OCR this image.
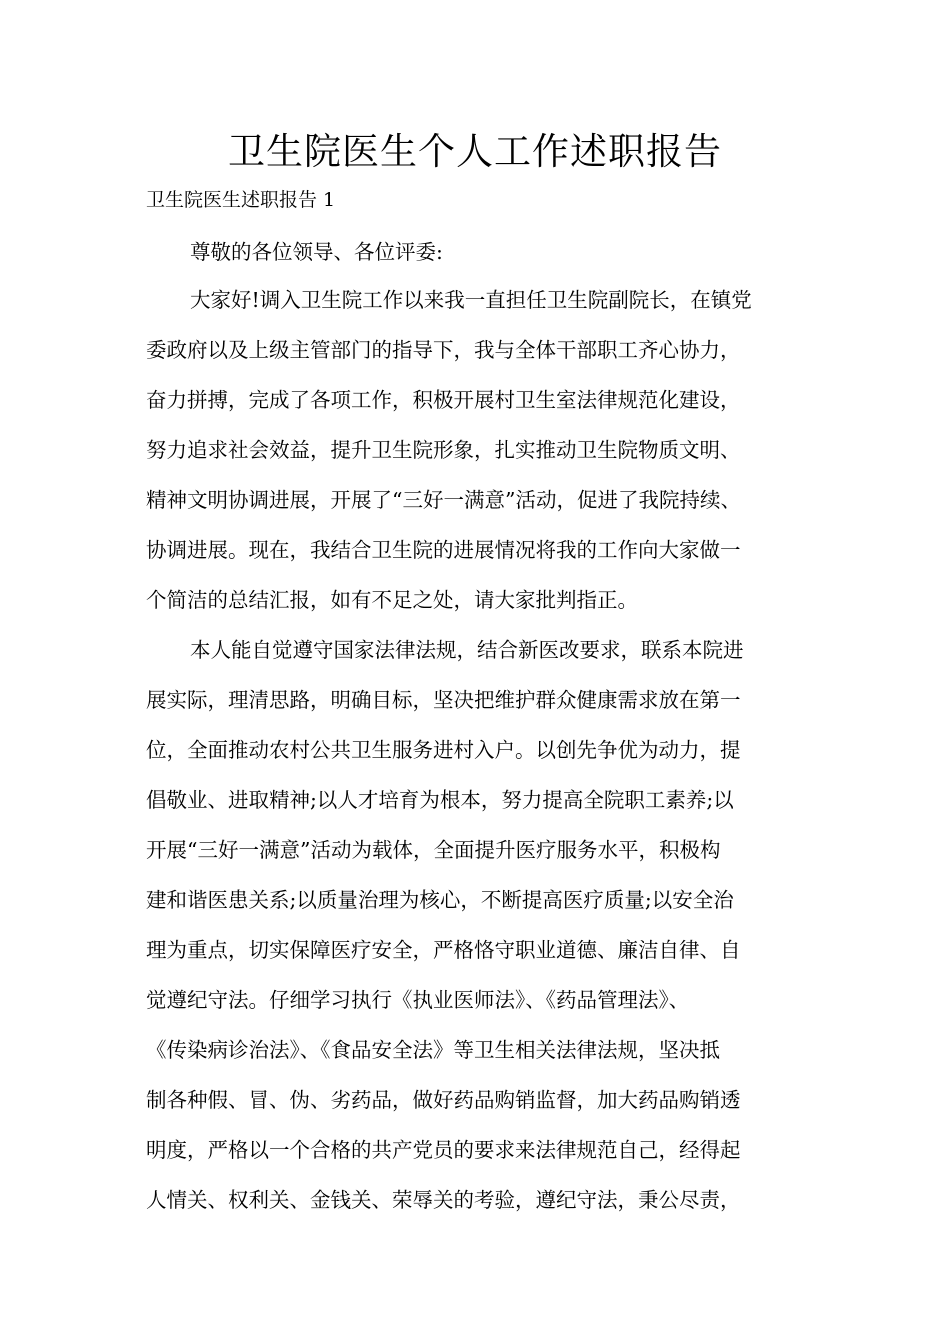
卫生院医生个人工作述职报告

卫生院医生述职报告 1

尊敬的各位领导、各位评委:

大家好!调入卫生院工作以来我一直担任卫生院副院长，在镇党

委政府以及上级主管部门的指导下，我与全体干部职工齐心协力，

奋力拼搏，完成了各项工作，积极开展村卫生室法律规范化建设，

努力追求社会效益，提升卫生院形象，扎实推动卫生院物质文明、

精神文明协调进展，开展了“三好一满意”活动，促进了我院持续、

协调进展。现在，我结合卫生院的进展情况将我的工作向大家做一

个简洁的总结汇报，如有不足之处，请大家批判指正。

本人能自觉遵守国家法律法规，结合新医改要求，联系本院进

展实际，理清思路，明确目标，坚决把维护群众健康需求放在第一

位，全面推动农村公共卫生服务进村入户。以创先争优为动力，提

倡敬业、进取精神;以人才培育为根本，努力提高全院职工素养;以

开展“三好一满意”活动为载体，全面提升医疗服务水平，积极构

建和谐医患关系;以质量治理为核心，不断提高医疗质量;以安全治

理为重点，切实保障医疗安全，严格恪守职业道德、廉洁自律、自

觉遵纪守法。仔细学习执行《执业医师法》、《药品管理法》、

《传染病诊治法》、《食品安全法》等卫生相关法律法规，坚决抵

制各种假、冒、伪、劣药品，做好药品购销监督，加大药品购销透

明度，严格以一个合格的共产党员的要求来法律规范自己，经得起

人情关、权利关、金钱关、荣辱关的考验，遵纪守法，秉公尽责，
